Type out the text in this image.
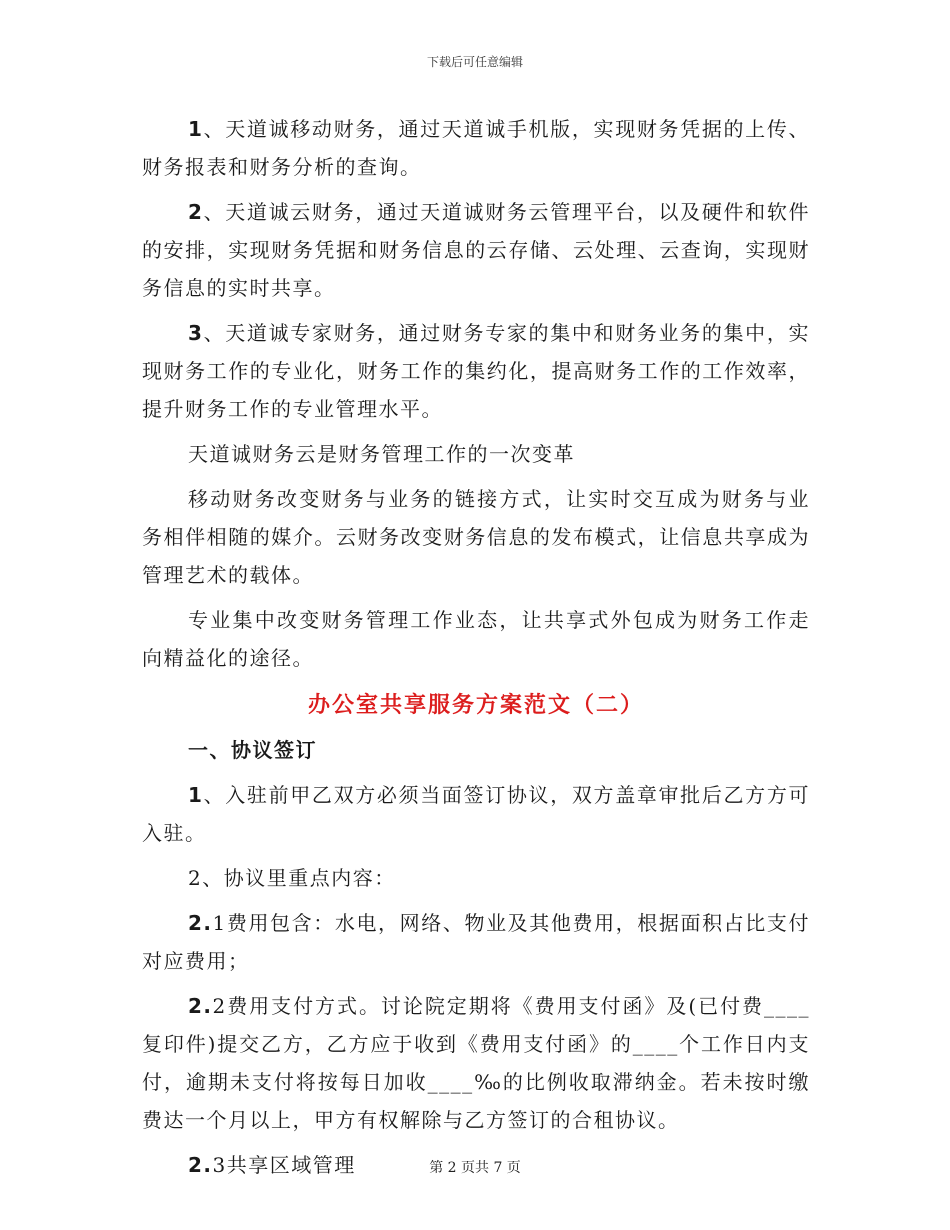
下载后可任意编辑

1、天道诚移动财务，通过天道诚手机版，实现财务凭据的上传、财务报表和财务分析的查询。

2、天道诚云财务，通过天道诚财务云管理平台，以及硬件和软件的安排，实现财务凭据和财务信息的云存储、云处理、云查询，实现财务信息的实时共享。

3、天道诚专家财务，通过财务专家的集中和财务业务的集中，实现财务工作的专业化，财务工作的集约化，提高财务工作的工作效率，提升财务工作的专业管理水平。

天道诚财务云是财务管理工作的一次变革

移动财务改变财务与业务的链接方式，让实时交互成为财务与业务相伴相随的媒介。云财务改变财务信息的发布模式，让信息共享成为管理艺术的载体。

专业集中改变财务管理工作业态，让共享式外包成为财务工作走向精益化的途径。

办公室共享服务方案范文（二）

一、协议签订

1、入驻前甲乙双方必须当面签订协议，双方盖章审批后乙方方可入驻。

2、协议里重点内容：

2.1费用包含：水电，网络、物业及其他费用，根据面积占比支付对应费用；

2.2费用支付方式。讨论院定期将《费用支付函》及(已付费____复印件)提交乙方，乙方应于收到《费用支付函》的____个工作日内支付，逾期未支付将按每日加收____‰的比例收取滞纳金。若未按时缴费达一个月以上，甲方有权解除与乙方签订的合租协议。

2.3共享区域管理	第 2 页共 7 页
